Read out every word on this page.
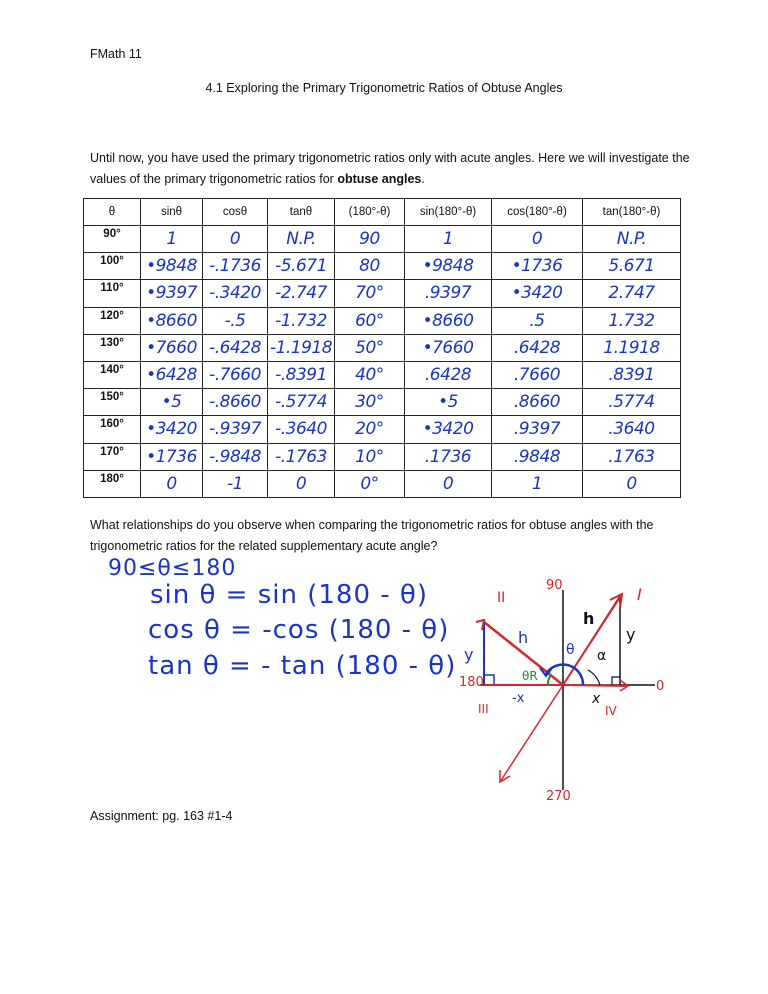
FMath 11
4.1 Exploring the Primary Trigonometric Ratios of Obtuse Angles
Until now, you have used the primary trigonometric ratios only with acute angles. Here we will investigate the values of the primary trigonometric ratios for obtuse angles.
θ	sinθ	cosθ	tanθ	(180°-θ)	sin(180°-θ)	cos(180°-θ)	tan(180°-θ)
90°	1	0	N.P.	90	1	0	N.P.
100°	•9848	-.1736	-5.671	80	•9848	•1736	5.671
110°	•9397	-.3420	-2.747	70°	.9397	•3420	2.747
120°	•8660	-.5	-1.732	60°	•8660	.5	1.732
130°	•7660	-.6428	-1.1918	50°	•7660	.6428	1.1918
140°	•6428	-.7660	-.8391	40°	.6428	.7660	.8391
150°	•5	-.8660	-.5774	30°	•5	.8660	.5774
160°	•3420	-.9397	-.3640	20°	•3420	.9397	.3640
170°	•1736	-.9848	-.1763	10°	.1736	.9848	.1763
180°	0	-1	0	0°	0	1	0
What relationships do you observe when comparing the trigonometric ratios for obtuse angles with the trigonometric ratios for the related supplementary acute angle?
90≤θ≤180
sin θ = sin (180 - θ)
cos θ = -cos (180 - θ)
tan θ = - tan (180 - θ)
90
180
270
0
I
II
III	IV
h
h	y
y
-x	x
θ
θR
α
Assignment: pg. 163 #1-4
